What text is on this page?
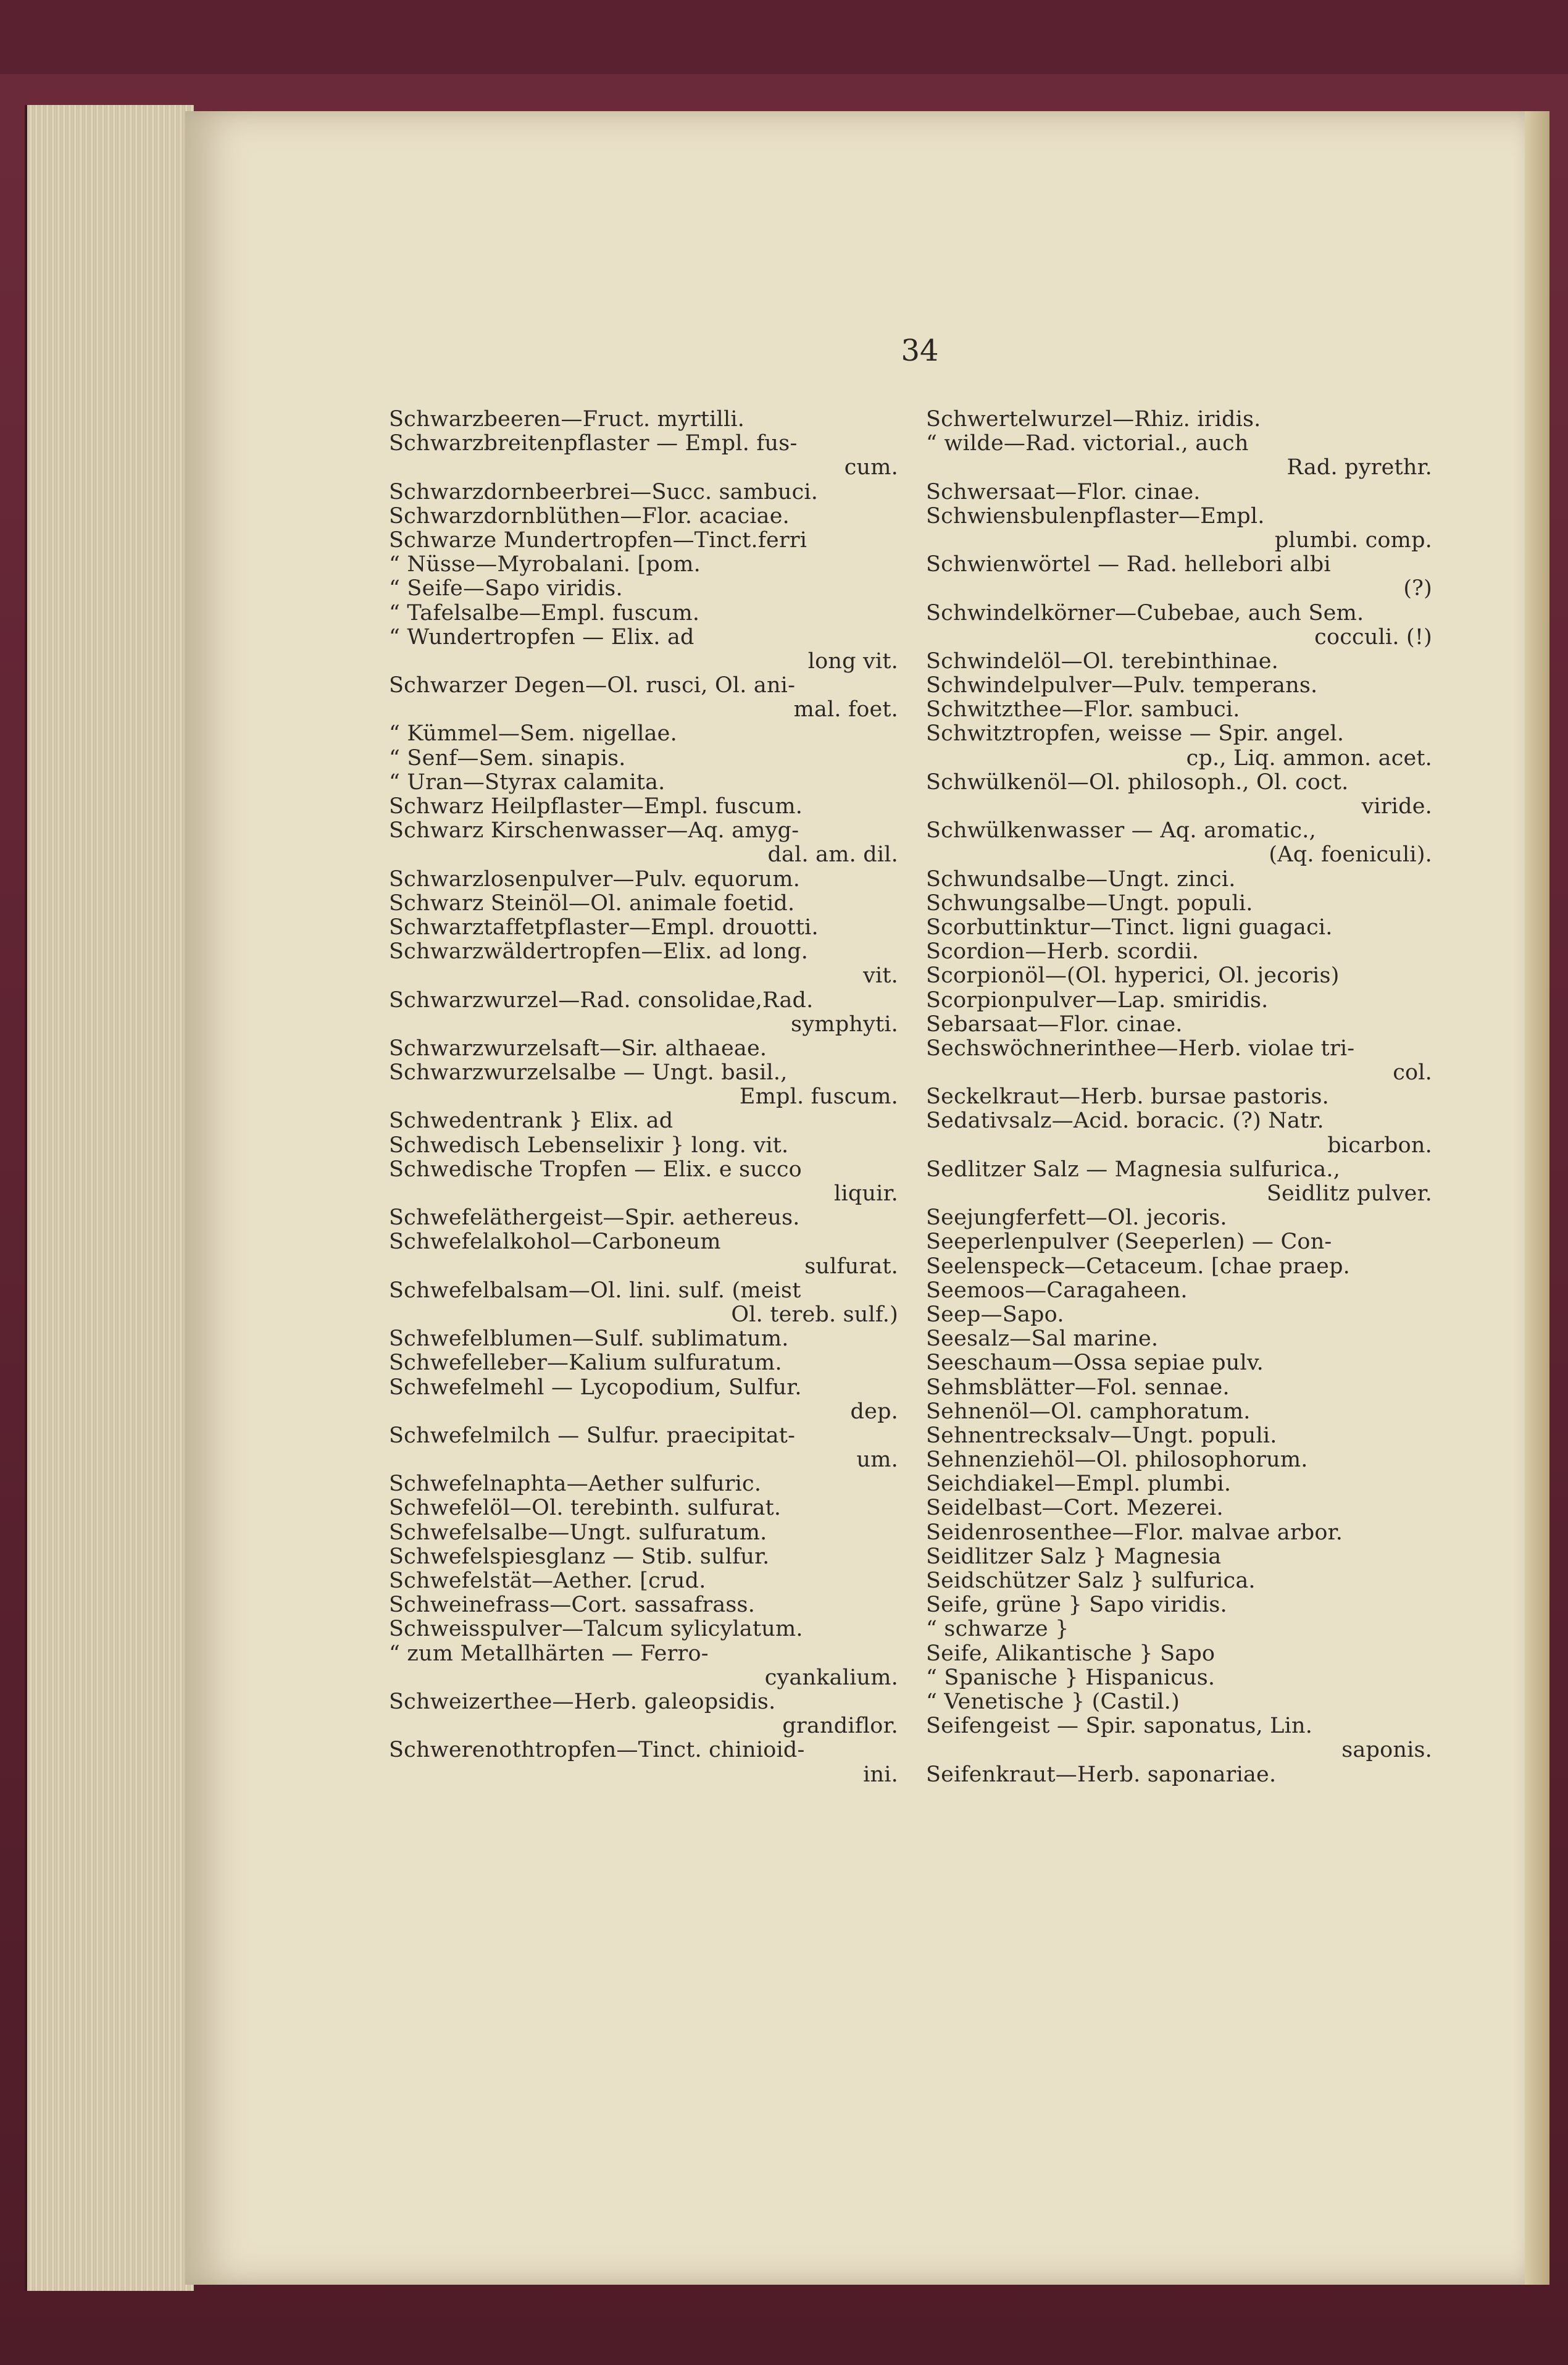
34
Schwarzbeeren—Fruct. myrtilli.
Schwarzbreitenpflaster — Empl. fus-
cum.
Schwarzdornbeerbrei—Succ. sambuci.
Schwarzdornblüthen—Flor. acaciae.
Schwarze Mundertropfen—Tinct.ferri
“ Nüsse—Myrobalani. [pom.
“ Seife—Sapo viridis.
“ Tafelsalbe—Empl. fuscum.
“ Wundertropfen — Elix. ad
long vit.
Schwarzer Degen—Ol. rusci, Ol. ani-
mal. foet.
“ Kümmel—Sem. nigellae.
“ Senf—Sem. sinapis.
“ Uran—Styrax calamita.
Schwarz Heilpflaster—Empl. fuscum.
Schwarz Kirschenwasser—Aq. amyg-
dal. am. dil.
Schwarzlosenpulver—Pulv. equorum.
Schwarz Steinöl—Ol. animale foetid.
Schwarztaffetpflaster—Empl. drouotti.
Schwarzwäldertropfen—Elix. ad long.
vit.
Schwarzwurzel—Rad. consolidae,Rad.
symphyti.
Schwarzwurzelsaft—Sir. althaeae.
Schwarzwurzelsalbe — Ungt. basil.,
Empl. fuscum.
Schwedentrank } Elix. ad
Schwedisch Lebenselixir } long. vit.
Schwedische Tropfen — Elix. e succo
liquir.
Schwefeläthergeist—Spir. aethereus.
Schwefelalkohol—Carboneum
sulfurat.
Schwefelbalsam—Ol. lini. sulf. (meist
Ol. tereb. sulf.)
Schwefelblumen—Sulf. sublimatum.
Schwefelleber—Kalium sulfuratum.
Schwefelmehl — Lycopodium, Sulfur.
dep.
Schwefelmilch — Sulfur. praecipitat-
um.
Schwefelnaphta—Aether sulfuric.
Schwefelöl—Ol. terebinth. sulfurat.
Schwefelsalbe—Ungt. sulfuratum.
Schwefelspiesglanz — Stib. sulfur.
Schwefelstät—Aether. [crud.
Schweinefrass—Cort. sassafrass.
Schweisspulver—Talcum sylicylatum.
“ zum Metallhärten — Ferro-
cyankalium.
Schweizerthee—Herb. galeopsidis.
grandiflor.
Schwerenothtropfen—Tinct. chinioid-
ini.
Schwertelwurzel—Rhiz. iridis.
“ wilde—Rad. victorial., auch
Rad. pyrethr.
Schwersaat—Flor. cinae.
Schwiensbulenpflaster—Empl.
plumbi. comp.
Schwienwörtel — Rad. hellebori albi
(?)
Schwindelkörner—Cubebae, auch Sem.
cocculi. (!)
Schwindelöl—Ol. terebinthinae.
Schwindelpulver—Pulv. temperans.
Schwitzthee—Flor. sambuci.
Schwitztropfen, weisse — Spir. angel.
cp., Liq. ammon. acet.
Schwülkenöl—Ol. philosoph., Ol. coct.
viride.
Schwülkenwasser — Aq. aromatic.,
(Aq. foeniculi).
Schwundsalbe—Ungt. zinci.
Schwungsalbe—Ungt. populi.
Scorbuttinktur—Tinct. ligni guagaci.
Scordion—Herb. scordii.
Scorpionöl—(Ol. hyperici, Ol. jecoris)
Scorpionpulver—Lap. smiridis.
Sebarsaat—Flor. cinae.
Sechswöchnerinthee—Herb. violae tri-
col.
Seckelkraut—Herb. bursae pastoris.
Sedativsalz—Acid. boracic. (?) Natr.
bicarbon.
Sedlitzer Salz — Magnesia sulfurica.,
Seidlitz pulver.
Seejungferfett—Ol. jecoris.
Seeperlenpulver (Seeperlen) — Con-
Seelenspeck—Cetaceum. [chae praep.
Seemoos—Caragaheen.
Seep—Sapo.
Seesalz—Sal marine.
Seeschaum—Ossa sepiae pulv.
Sehmsblätter—Fol. sennae.
Sehnenöl—Ol. camphoratum.
Sehnentrecksalv—Ungt. populi.
Sehnenziehöl—Ol. philosophorum.
Seichdiakel—Empl. plumbi.
Seidelbast—Cort. Mezerei.
Seidenrosenthee—Flor. malvae arbor.
Seidlitzer Salz } Magnesia
Seidschützer Salz } sulfurica.
Seife, grüne } Sapo viridis.
“ schwarze }
Seife, Alikantische } Sapo
“ Spanische } Hispanicus.
“ Venetische } (Castil.)
Seifengeist — Spir. saponatus, Lin.
saponis.
Seifenkraut—Herb. saponariae.
